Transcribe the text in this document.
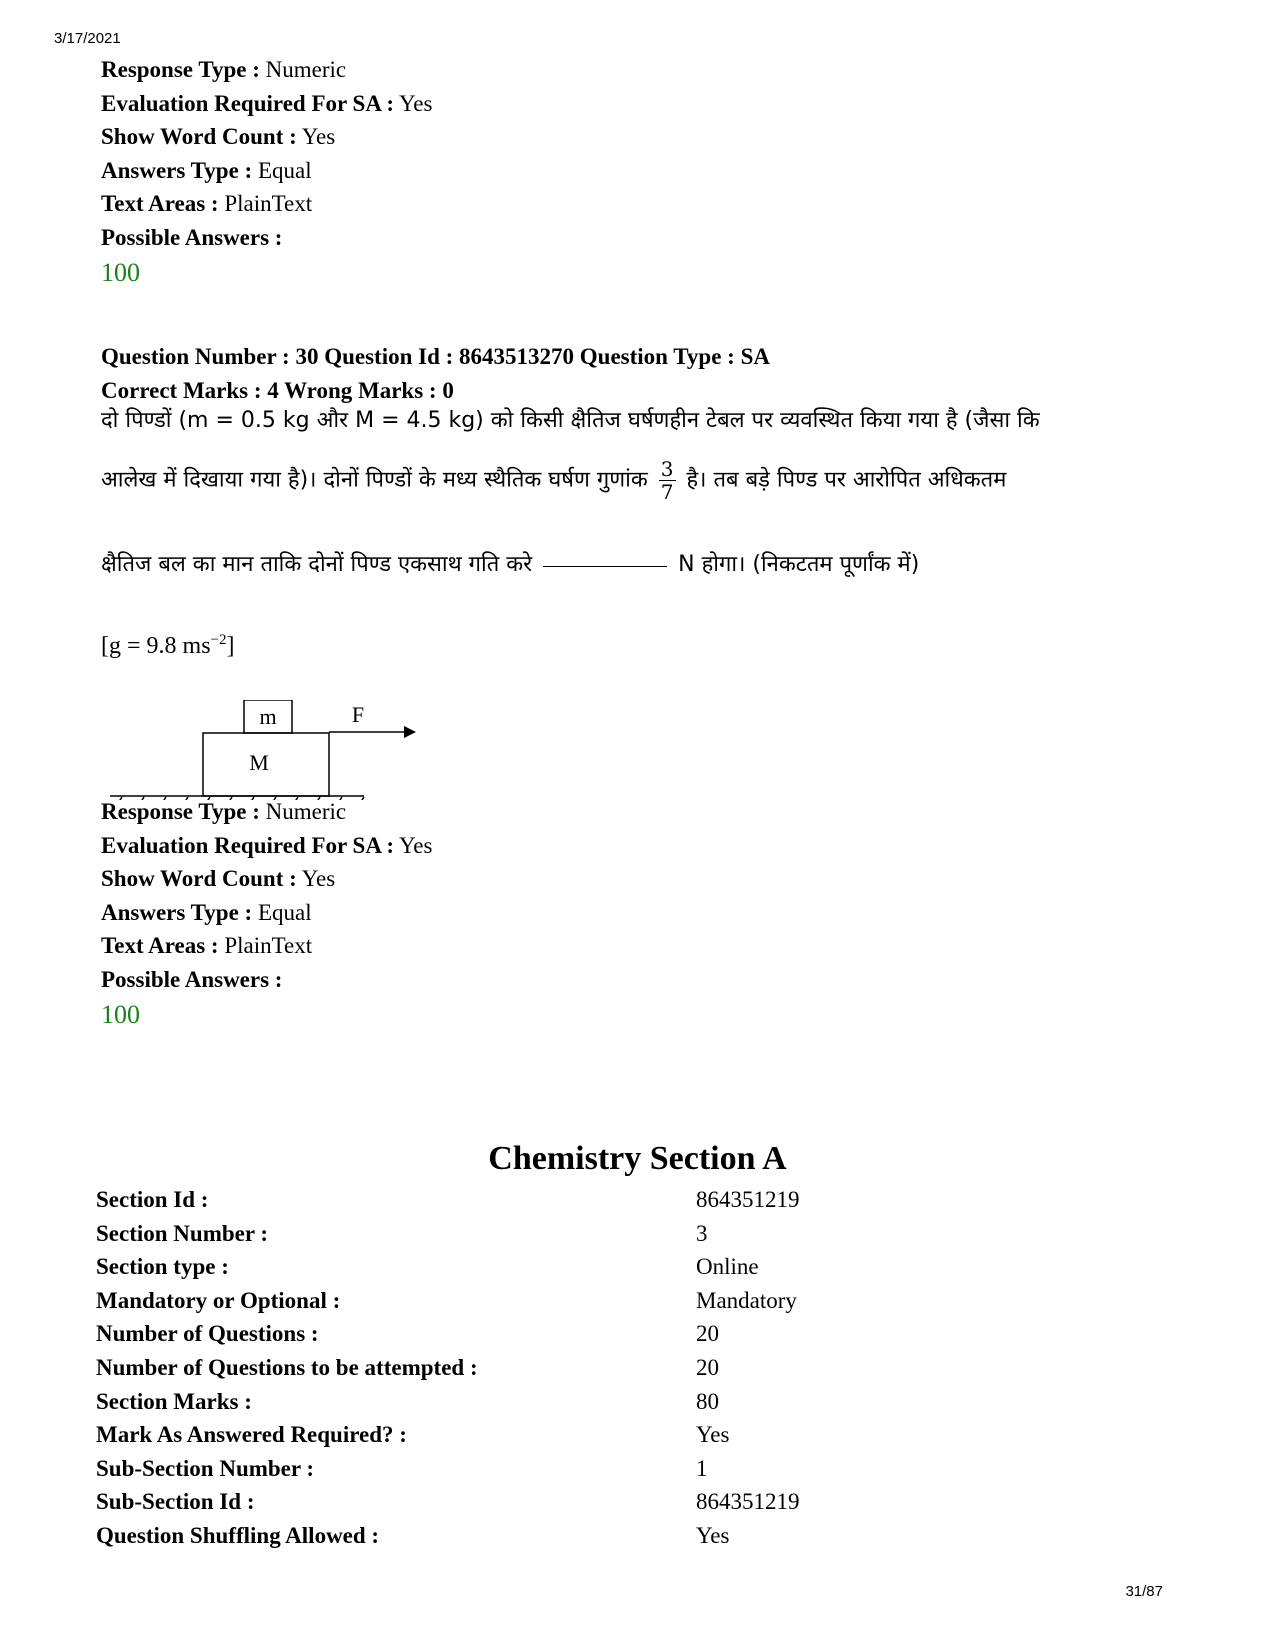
3/17/2021
Response Type : Numeric
Evaluation Required For SA : Yes
Show Word Count : Yes
Answers Type : Equal
Text Areas : PlainText
Possible Answers :
100
Question Number : 30 Question Id : 8643513270 Question Type : SA
Correct Marks : 4 Wrong Marks : 0
दो पिण्डों (m = 0.5 kg और M = 4.5 kg) को किसी क्षैतिज घर्षणहीन टेबल पर व्यवस्थित किया गया है (जैसा कि
आलेख में दिखाया गया है)। दोनों पिण्डों के मध्य स्थैतिक घर्षण गुणांक $\frac{3}{7}$ है। तब बड़े पिण्ड पर आरोपित अधिकतम
क्षैतिज बल का मान ताकि दोनों पिण्ड एकसाथ गति करे	N होगा। (निकटतम पूर्णांक में)
[g = 9.8 $ms^{-2}$]
m
M
F
Response Type : Numeric
Evaluation Required For SA : Yes
Show Word Count : Yes
Answers Type : Equal
Text Areas : PlainText
Possible Answers :
100
Chemistry Section A
Section Id :	864351219
Section Number :	3
Section type :	Online
Mandatory or Optional :	Mandatory
Number of Questions :	20
Number of Questions to be attempted :	20
Section Marks :	80
Mark As Answered Required? :	Yes
Sub-Section Number :	1
Sub-Section Id :	864351219
Question Shuffling Allowed :	Yes
31/87
